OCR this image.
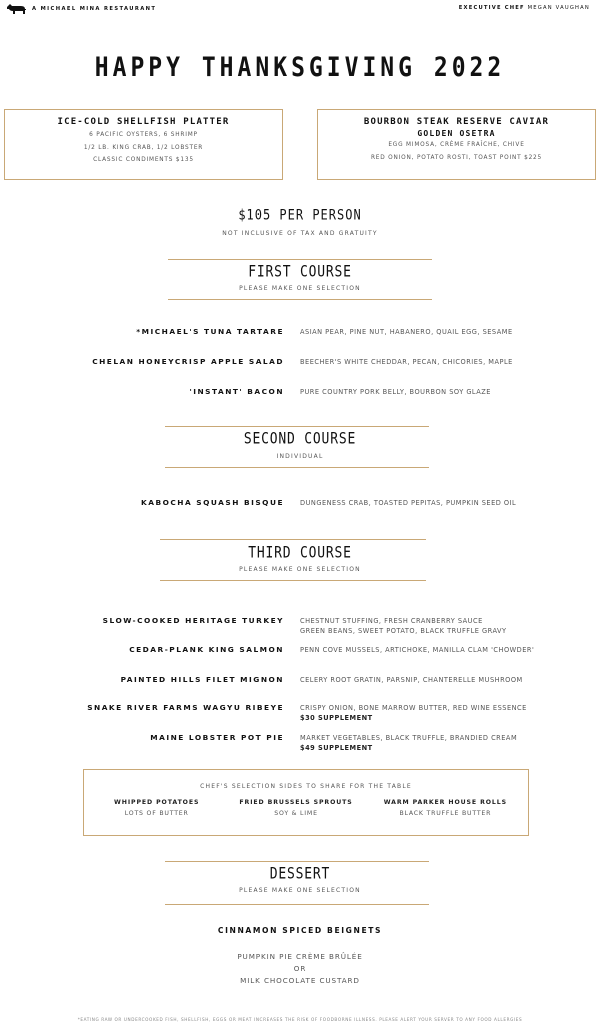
A MICHAEL MINA RESTAURANT	EXECUTIVE CHEF MEGAN VAUGHAN
HAPPY THANKSGIVING 2022
ICE-COLD SHELLFISH PLATTER
6 PACIFIC OYSTERS, 6 SHRIMP
1/2 LB. KING CRAB, 1/2 LOBSTER
CLASSIC CONDIMENTS $135
BOURBON STEAK RESERVE CAVIAR
GOLDEN OSETRA
EGG MIMOSA, CRÈME FRAÎCHE, CHIVE
RED ONION, POTATO ROSTI, TOAST POINT $225
$105 PER PERSON
NOT INCLUSIVE OF TAX AND GRATUITY
FIRST COURSE
PLEASE MAKE ONE SELECTION
*MICHAEL'S TUNA TARTARE ASIAN PEAR, PINE NUT, HABANERO, QUAIL EGG, SESAME
CHELAN HONEYCRISP APPLE SALAD BEECHER'S WHITE CHEDDAR, PECAN, CHICORIES, MAPLE
'INSTANT' BACON PURE COUNTRY PORK BELLY, BOURBON SOY GLAZE
SECOND COURSE
INDIVIDUAL
KABOCHA SQUASH BISQUE DUNGENESS CRAB, TOASTED PEPITAS, PUMPKIN SEED OIL
THIRD COURSE
PLEASE MAKE ONE SELECTION
SLOW-COOKED HERITAGE TURKEY CHESTNUT STUFFING, FRESH CRANBERRY SAUCE
GREEN BEANS, SWEET POTATO, BLACK TRUFFLE GRAVY
CEDAR-PLANK KING SALMON PENN COVE MUSSELS, ARTICHOKE, MANILLA CLAM 'CHOWDER'
PAINTED HILLS FILET MIGNON CELERY ROOT GRATIN, PARSNIP, CHANTERELLE MUSHROOM
SNAKE RIVER FARMS WAGYU RIBEYE CRISPY ONION, BONE MARROW BUTTER, RED WINE ESSENCE
$30 SUPPLEMENT
MAINE LOBSTER POT PIE MARKET VEGETABLES, BLACK TRUFFLE, BRANDIED CREAM
$49 SUPPLEMENT
CHEF'S SELECTION SIDES TO SHARE FOR THE TABLE
WHIPPED POTATOES
LOTS OF BUTTER
FRIED BRUSSELS SPROUTS
SOY & LIME
WARM PARKER HOUSE ROLLS
BLACK TRUFFLE BUTTER
DESSERT
PLEASE MAKE ONE SELECTION
CINNAMON SPICED BEIGNETS
PUMPKIN PIE CRÈME BRÛLÉE
OR
MILK CHOCOLATE CUSTARD
*EATING RAW OR UNDERCOOKED FISH, SHELLFISH, EGGS OR MEAT INCREASES THE RISK OF FOODBORNE ILLNESS. PLEASE ALERT YOUR SERVER TO ANY FOOD ALLERGIES
